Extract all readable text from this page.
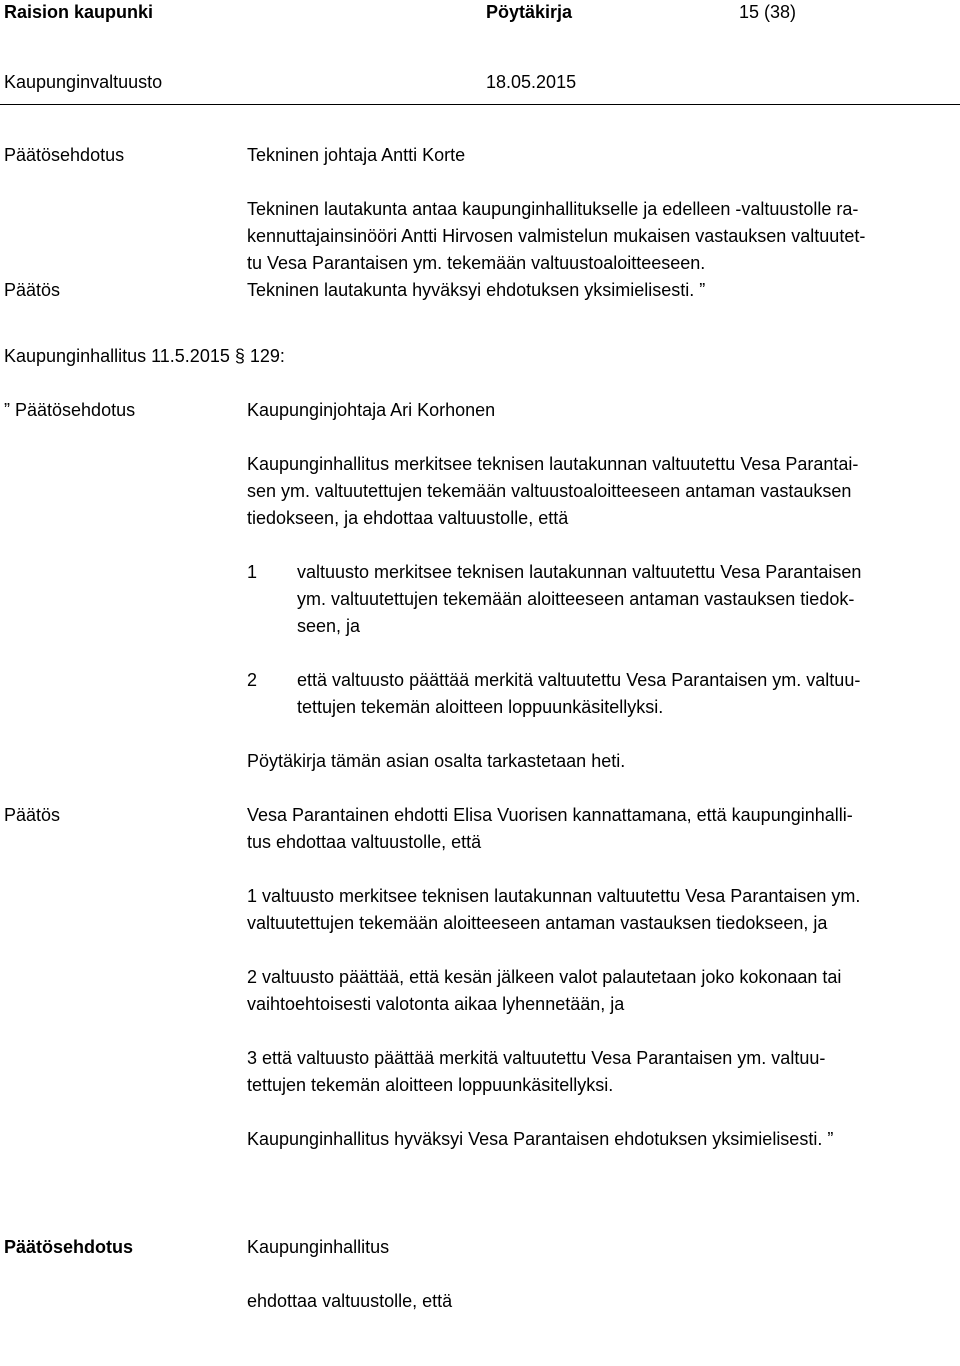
Raision kaupunki	Pöytäkirja	15 (38)
Kaupunginvaltuusto	18.05.2015
Päätösehdotus	Tekninen johtaja Antti Korte
Tekninen lautakunta antaa kaupunginhallitukselle ja edelleen -valtuustolle ra-
kennuttajainsinööri Antti Hirvosen valmistelun mukaisen vastauksen valtuutet-
tu Vesa Parantaisen ym. tekemään valtuustoaloitteeseen.
Päätös	Tekninen lautakunta hyväksyi ehdotuksen yksimielisesti. ”
Kaupunginhallitus 11.5.2015 § 129:
” Päätösehdotus	Kaupunginjohtaja Ari Korhonen
Kaupunginhallitus merkitsee teknisen lautakunnan valtuutettu Vesa Parantai-
sen ym. valtuutettujen tekemään valtuustoaloitteeseen antaman vastauksen
tiedokseen, ja ehdottaa valtuustolle, että
1	valtuusto merkitsee teknisen lautakunnan valtuutettu Vesa Parantaisen
ym. valtuutettujen tekemään aloitteeseen antaman vastauksen tiedok-
seen, ja
2	että valtuusto päättää merkitä valtuutettu Vesa Parantaisen ym. valtuu-
tettujen tekemän aloitteen loppuunkäsitellyksi.
Pöytäkirja tämän asian osalta tarkastetaan heti.
Päätös	Vesa Parantainen ehdotti Elisa Vuorisen kannattamana, että kaupunginhalli-
tus ehdottaa valtuustolle, että
1 valtuusto merkitsee teknisen lautakunnan valtuutettu Vesa Parantaisen ym.
valtuutettujen tekemään aloitteeseen antaman vastauksen tiedokseen, ja
2 valtuusto päättää, että kesän jälkeen valot palautetaan joko kokonaan tai
vaihtoehtoisesti valotonta aikaa lyhennetään, ja
3 että valtuusto päättää merkitä valtuutettu Vesa Parantaisen ym. valtuu-
tettujen tekemän aloitteen loppuunkäsitellyksi.
Kaupunginhallitus hyväksyi Vesa Parantaisen ehdotuksen yksimielisesti. ”
Päätösehdotus	Kaupunginhallitus
ehdottaa valtuustolle, että
